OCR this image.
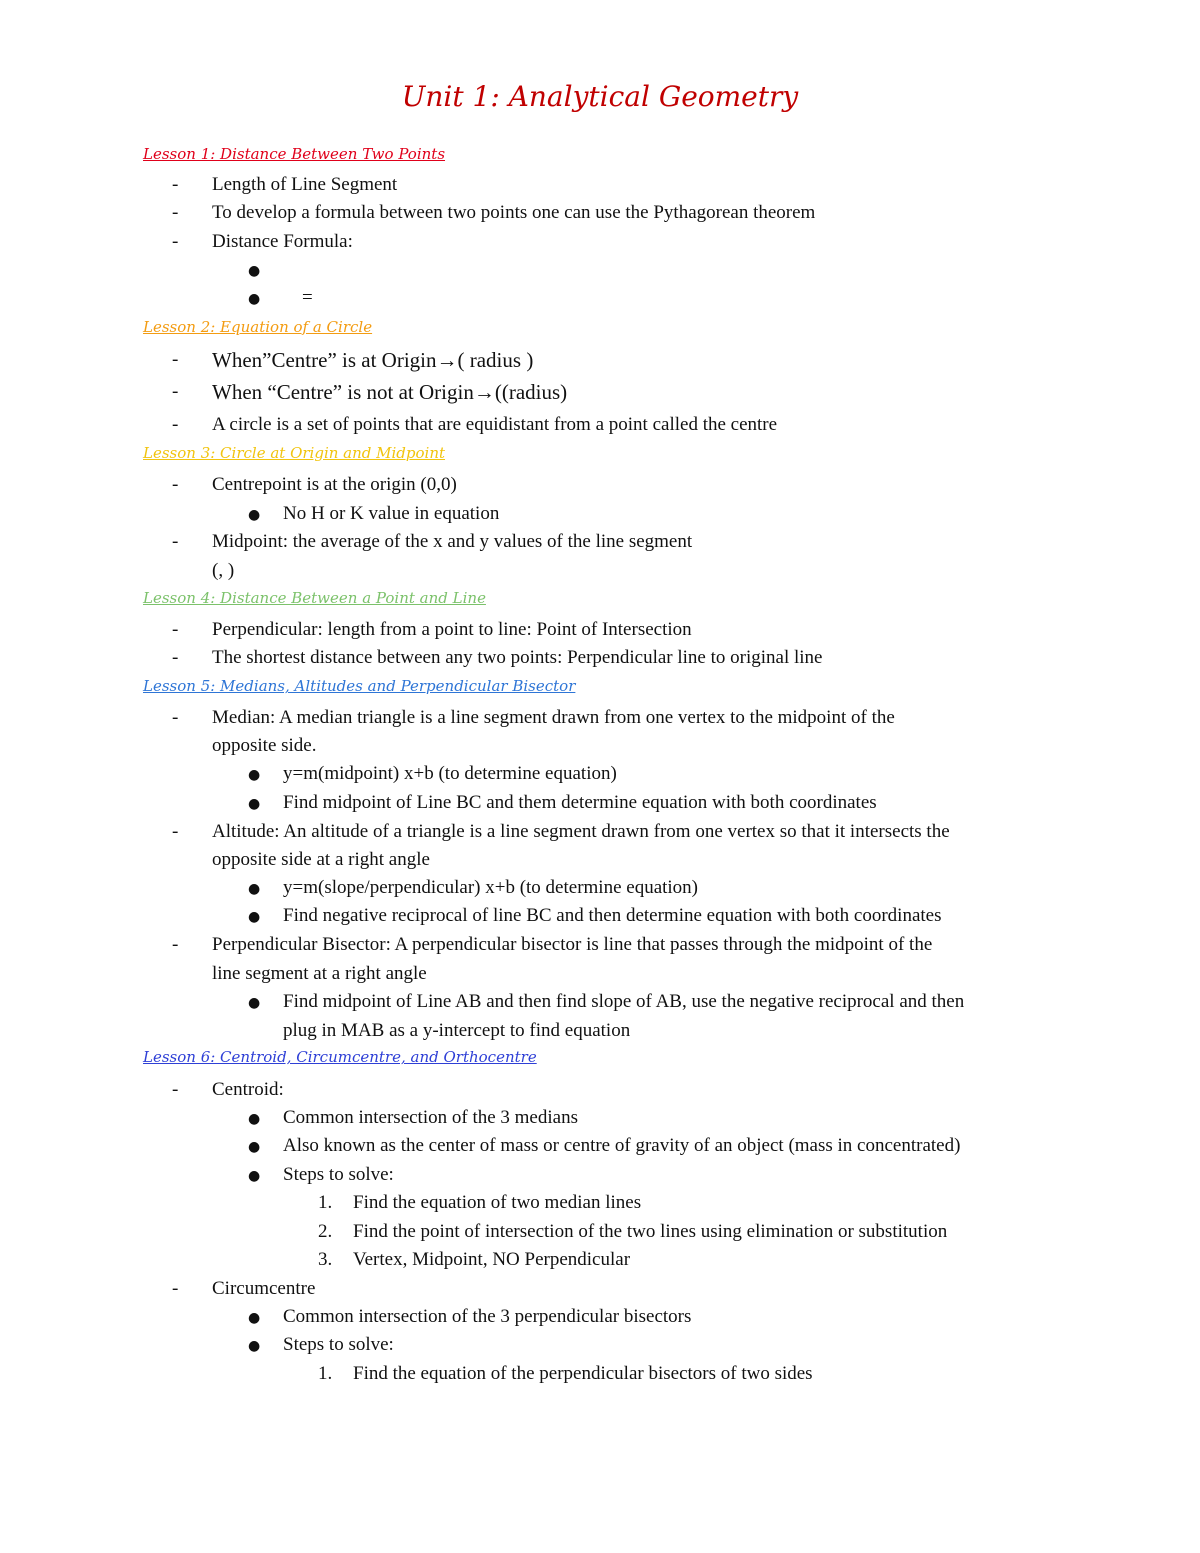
Unit 1: Analytical Geometry
Lesson 1: Distance Between Two Points
- Length of Line Segment
- To develop a formula between two points one can use the Pythagorean theorem
- Distance Formula:
●
● =
Lesson 2: Equation of a Circle
- When”Centre” is at Origin→( radius )
- When “Centre” is not at Origin→((radius)
- A circle is a set of points that are equidistant from a point called the centre
Lesson 3: Circle at Origin and Midpoint
- Centrepoint is at the origin (0,0)
● No H or K value in equation
- Midpoint: the average of the x and y values of the line segment
(, )
Lesson 4: Distance Between a Point and Line
- Perpendicular: length from a point to line: Point of Intersection
- The shortest distance between any two points: Perpendicular line to original line
Lesson 5: Medians, Altitudes and Perpendicular Bisector
- Median: A median triangle is a line segment drawn from one vertex to the midpoint of the
opposite side.
● y=m(midpoint) x+b (to determine equation)
● Find midpoint of Line BC and them determine equation with both coordinates
- Altitude: An altitude of a triangle is a line segment drawn from one vertex so that it intersects the
opposite side at a right angle
● y=m(slope/perpendicular) x+b (to determine equation)
● Find negative reciprocal of line BC and then determine equation with both coordinates
- Perpendicular Bisector: A perpendicular bisector is line that passes through the midpoint of the
line segment at a right angle
● Find midpoint of Line AB and then find slope of AB, use the negative reciprocal and then
plug in MAB as a y-intercept to find equation
Lesson 6: Centroid, Circumcentre, and Orthocentre
- Centroid:
● Common intersection of the 3 medians
● Also known as the center of mass or centre of gravity of an object (mass in concentrated)
● Steps to solve:
1. Find the equation of two median lines
2. Find the point of intersection of the two lines using elimination or substitution
3. Vertex, Midpoint, NO Perpendicular
- Circumcentre
● Common intersection of the 3 perpendicular bisectors
● Steps to solve:
1. Find the equation of the perpendicular bisectors of two sides
